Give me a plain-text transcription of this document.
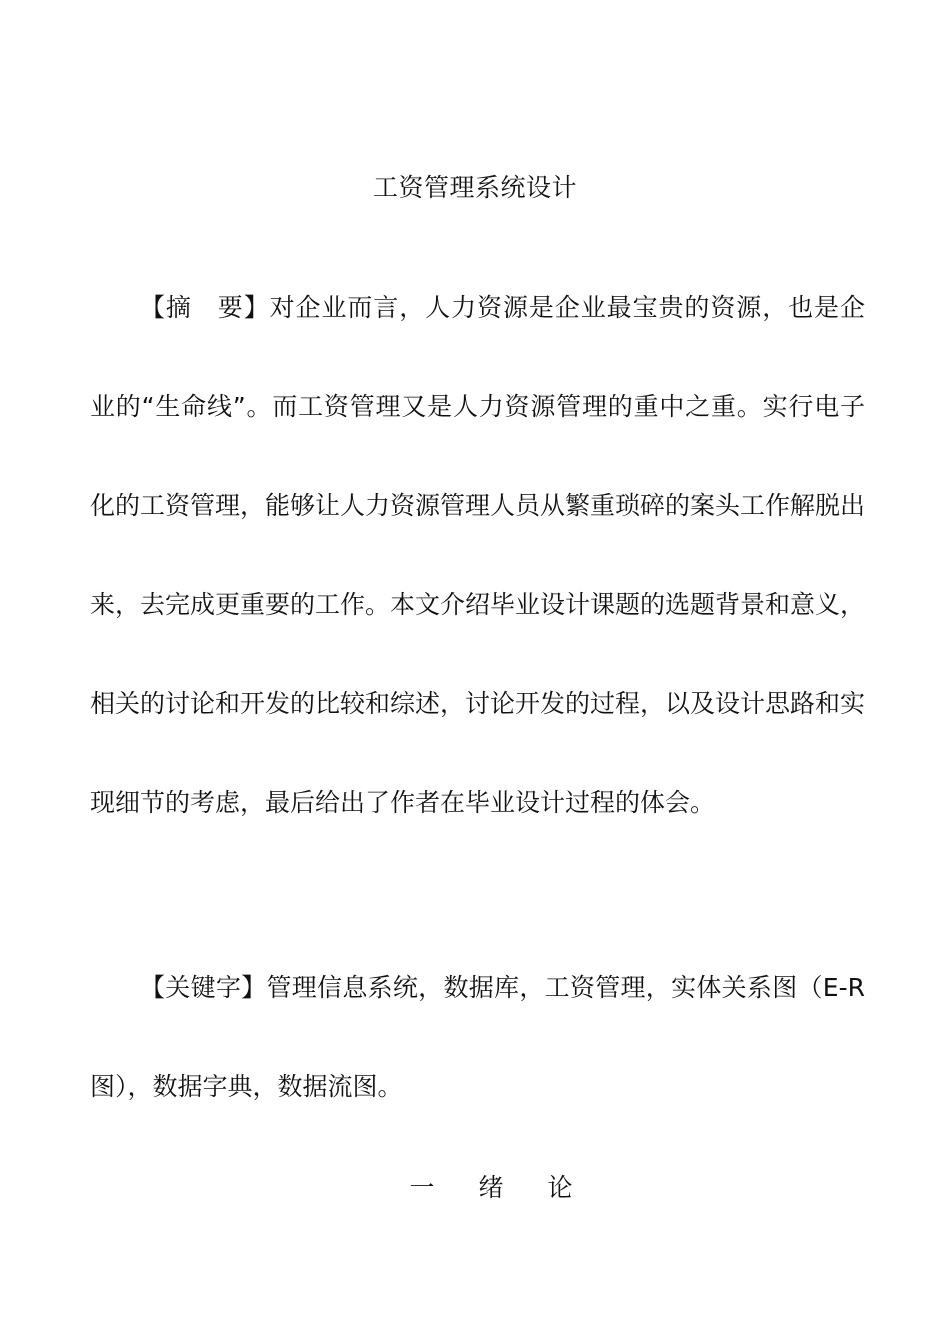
工资管理系统设计
【摘　要】对企业而言，人力资源是企业最宝贵的资源，也是企业的“生命线”。而工资管理又是人力资源管理的重中之重。实行电子化的工资管理，能够让人力资源管理人员从繁重琐碎的案头工作解脱出来，去完成更重要的工作。本文介绍毕业设计课题的选题背景和意义，相关的讨论和开发的比较和综述，讨论开发的过程，以及设计思路和实现细节的考虑，最后给出了作者在毕业设计过程的体会。
【关键字】管理信息系统，数据库，工资管理，实体关系图（E-R 图），数据字典，数据流图。
一 绪 论
